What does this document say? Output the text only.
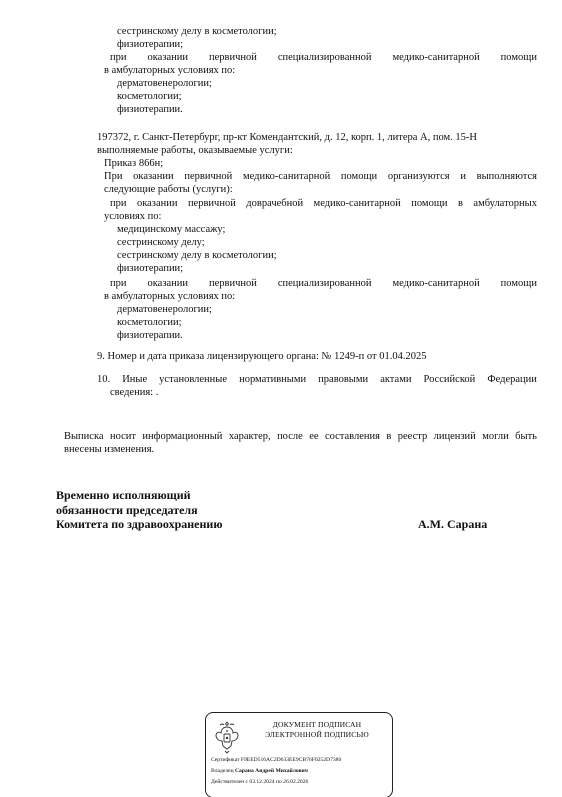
сестринскому делу в косметологии;
физиотерапии;
при оказании первичной специализированной медико-санитарной помощи
в амбулаторных условиях по:
дерматовенерологии;
косметологии;
физиотерапии.
197372, г. Санкт-Петербург, пр-кт Комендантский, д. 12, корп. 1, литера А, пом. 15-Н
выполняемые работы, оказываемые услуги:
Приказ 866н;
При оказании первичной медико-санитарной помощи организуются и выполняются
следующие работы (услуги):
при оказании первичной доврачебной медико-санитарной помощи в амбулаторных
условиях по:
медицинскому массажу;
сестринскому делу;
сестринскому делу в косметологии;
физиотерапии;
при оказании первичной специализированной медико-санитарной помощи
в амбулаторных условиях по:
дерматовенерологии;
косметологии;
физиотерапии.
9. Номер и дата приказа лицензирующего органа: № 1249-п от 01.04.2025
10. Иные установленные нормативными правовыми актами Российской Федерации
сведения: .
Выписка носит информационный характер, после ее составления в реестр лицензий могли быть
внесены изменения.
Временно исполняющий
обязанности председателя
Комитета по здравоохранению	А.М. Сарана
ДОКУМЕНТ ПОДПИСАН
ЭЛЕКТРОННОЙ ПОДПИСЬЮ
Сертификат F9EED516AC2D633EE9CB76F0252D7380
Владелец Сарана Андрей Михайлович
Действителен с 03.12.2024 по 26.02.2026
